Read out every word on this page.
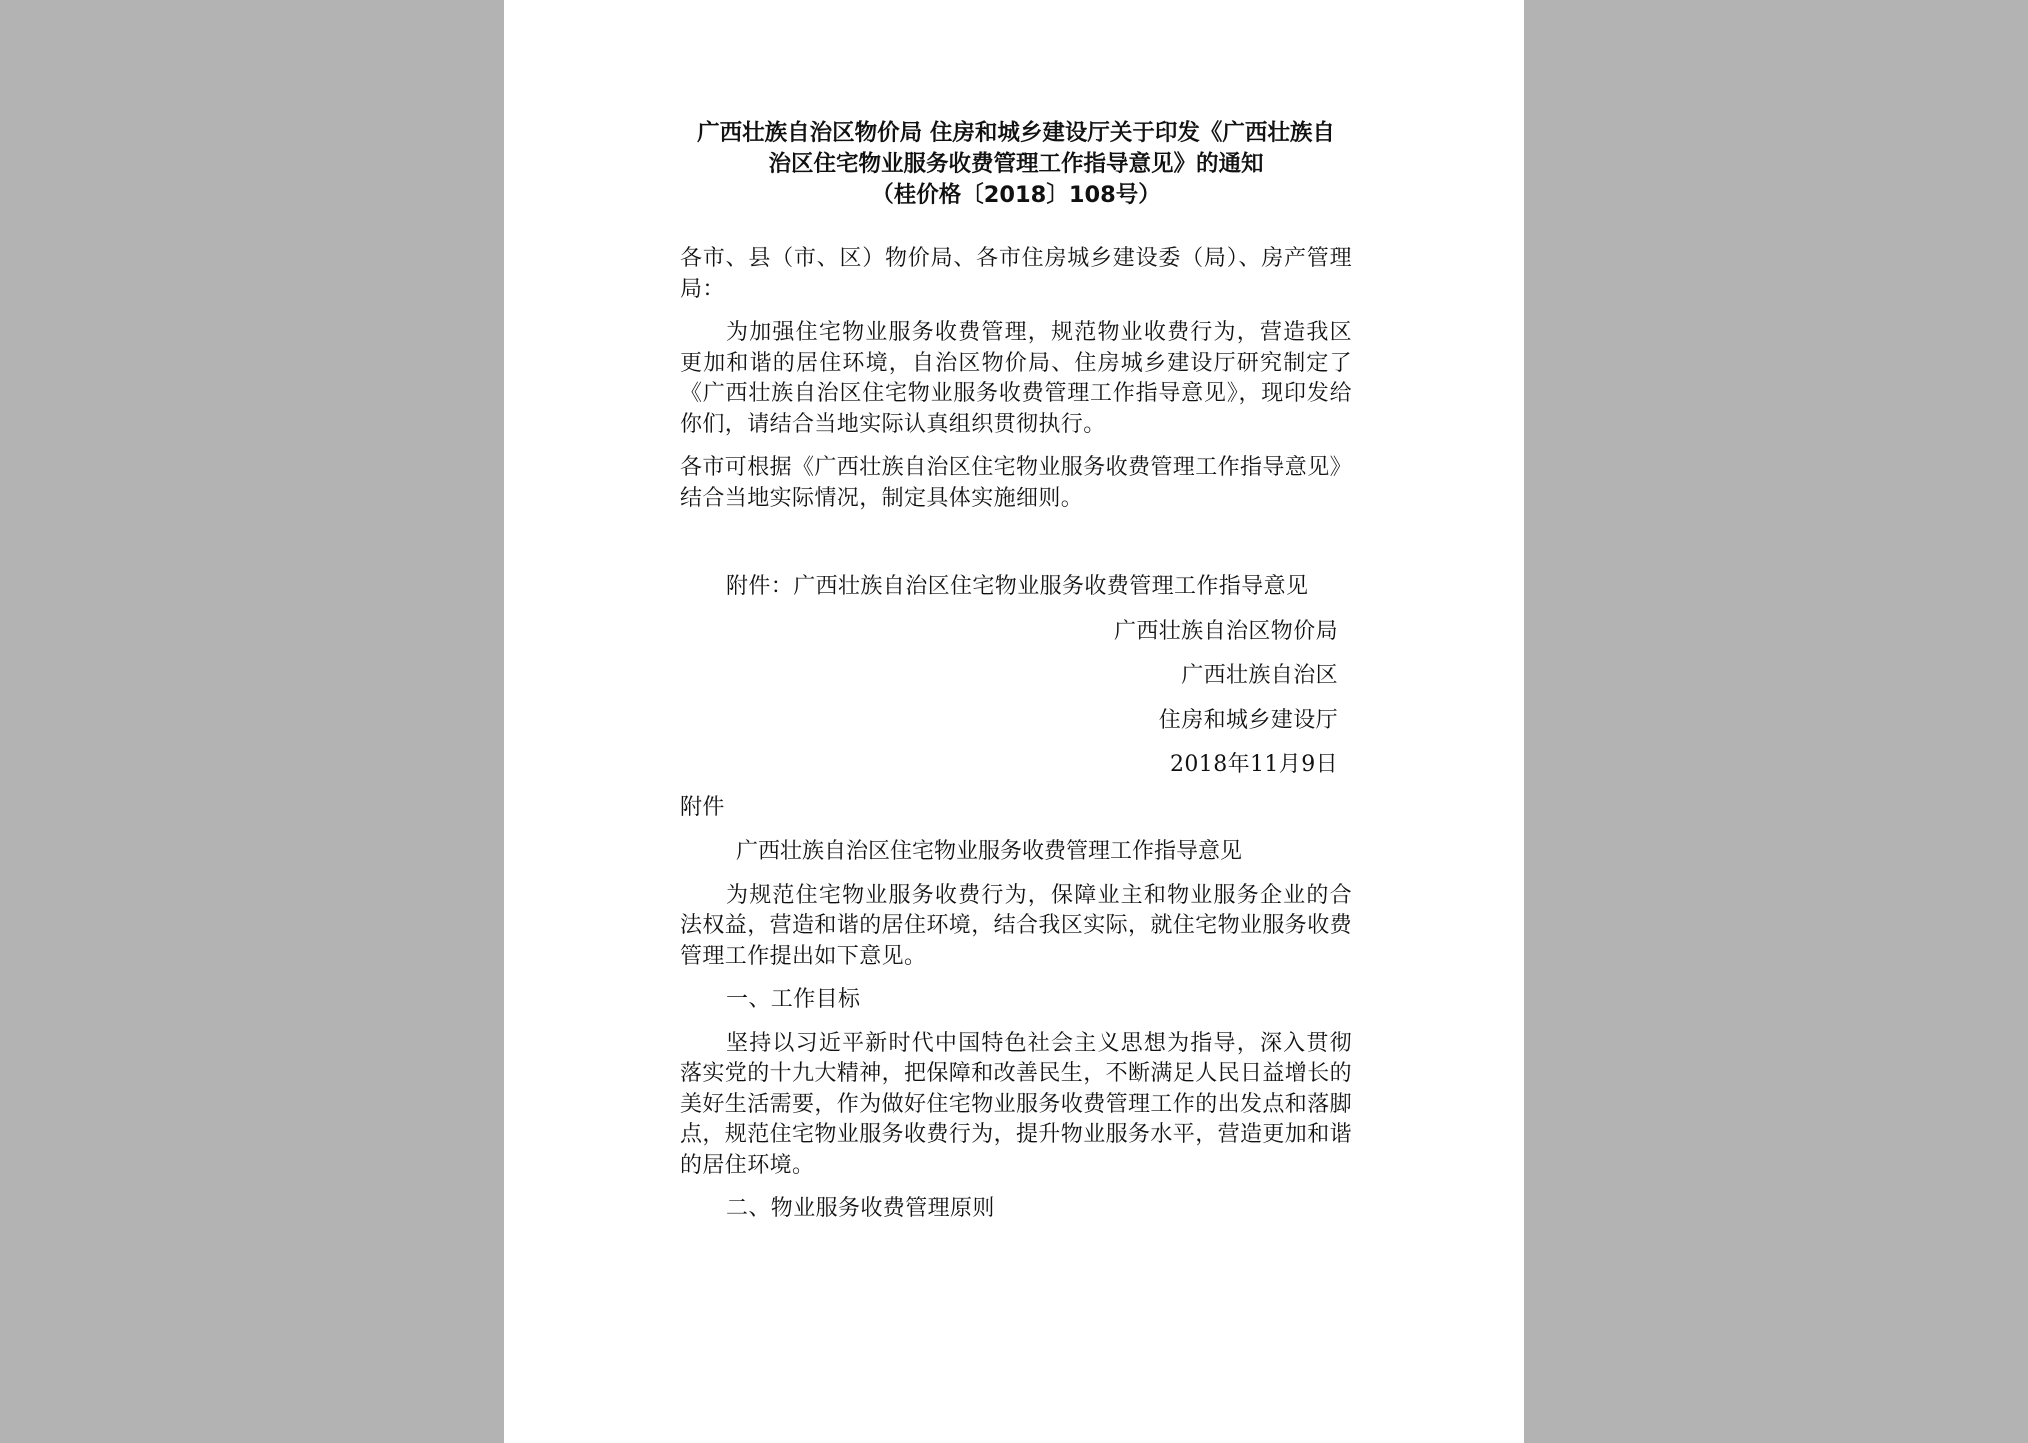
广西壮族自治区物价局 住房和城乡建设厅关于印发《广西壮族自
治区住宅物业服务收费管理工作指导意见》的通知
（桂价格〔2018〕108号）

各市、县（市、区）物价局、各市住房城乡建设委（局）、房产管理局：

为加强住宅物业服务收费管理，规范物业收费行为，营造我区更加和谐的居住环境，自治区物价局、住房城乡建设厅研究制定了《广西壮族自治区住宅物业服务收费管理工作指导意见》，现印发给你们，请结合当地实际认真组织贯彻执行。

各市可根据《广西壮族自治区住宅物业服务收费管理工作指导意见》结合当地实际情况，制定具体实施细则。

附件：广西壮族自治区住宅物业服务收费管理工作指导意见

广西壮族自治区物价局

广西壮族自治区

住房和城乡建设厅

2018年11月9日

附件

广西壮族自治区住宅物业服务收费管理工作指导意见

为规范住宅物业服务收费行为，保障业主和物业服务企业的合法权益，营造和谐的居住环境，结合我区实际，就住宅物业服务收费管理工作提出如下意见。

一、工作目标

坚持以习近平新时代中国特色社会主义思想为指导，深入贯彻落实党的十九大精神，把保障和改善民生，不断满足人民日益增长的美好生活需要，作为做好住宅物业服务收费管理工作的出发点和落脚点，规范住宅物业服务收费行为，提升物业服务水平，营造更加和谐的居住环境。

二、物业服务收费管理原则
